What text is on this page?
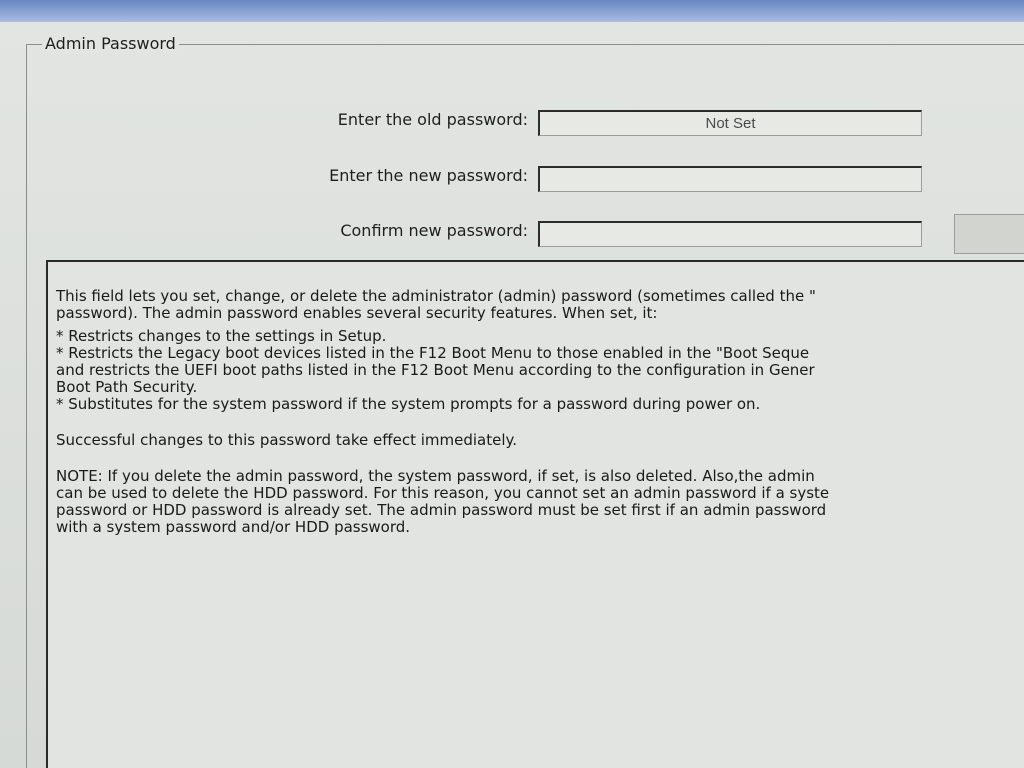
Admin Password
Enter the old password:
Not Set
Enter the new password:
Confirm new password:

This field lets you set, change, or delete the administrator (admin) password (sometimes called the "

password). The admin password enables several security features. When set, it:

* Restricts changes to the settings in Setup.

* Restricts the Legacy boot devices listed in the F12 Boot Menu to those enabled in the "Boot Seque

and restricts the UEFI boot paths listed in the F12 Boot Menu according to the configuration in Gener

Boot Path Security.

* Substitutes for the system password if the system prompts for a password during power on.

Successful changes to this password take effect immediately.

NOTE: If you delete the admin password, the system password, if set, is also deleted. Also,the admin

can be used to delete the HDD password. For this reason, you cannot set an admin password if a syste

password or HDD password is already set. The admin password must be set first if an admin password

with a system password and/or HDD password.
